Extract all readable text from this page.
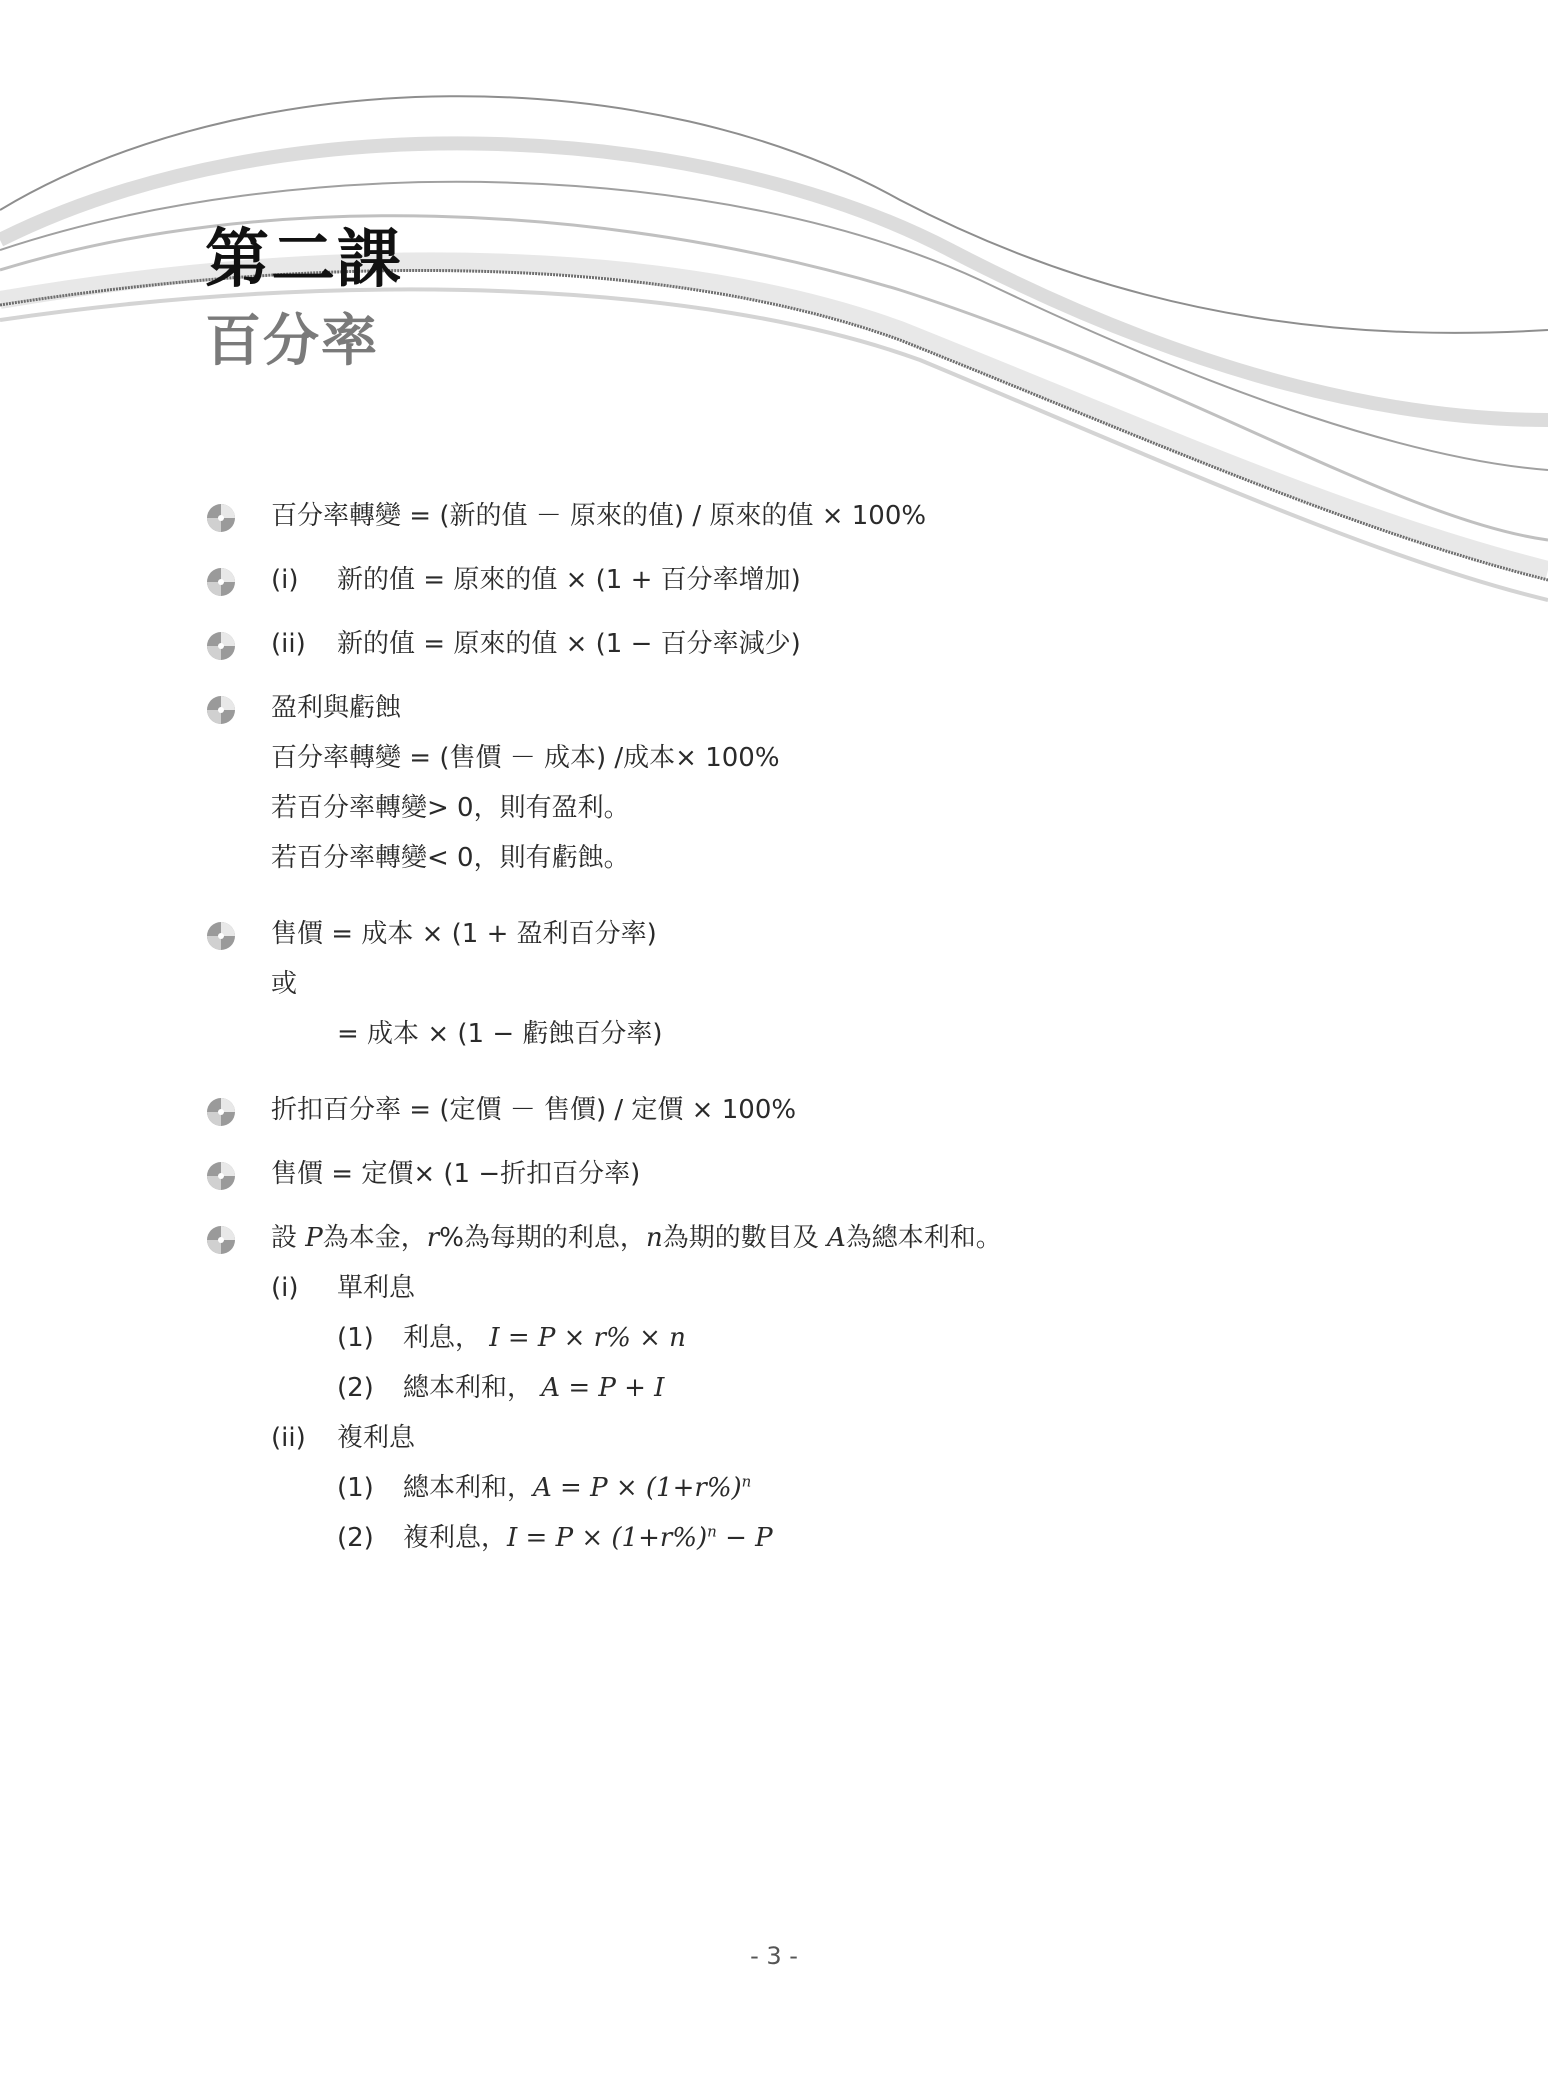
第二課
百分率
百分率轉變 = (新的值 － 原來的值) / 原來的值 × 100%
(i) 新的值 = 原來的值 × (1 + 百分率增加)
(ii) 新的值 = 原來的值 × (1 − 百分率減少)
盈利與虧蝕
百分率轉變 = (售價 － 成本) /成本× 100%
若百分率轉變> 0，則有盈利。
若百分率轉變< 0，則有虧蝕。
售價 = 成本 × (1 + 盈利百分率)
或
= 成本 × (1 − 虧蝕百分率)
折扣百分率 = (定價 － 售價) / 定價 × 100%
售價 = 定價× (1 −折扣百分率)
設 P為本金，r%為每期的利息，n為期的數目及 A為總本利和。
(i) 單利息
(1) 利息， I = P × r% × n
(2) 總本利和， A = P + I
(ii) 複利息
(1) 總本利和，$A = P \times (1+r\%)^n$
(2) 複利息，$I = P \times (1+r\%)^n - P$
- 3 -
